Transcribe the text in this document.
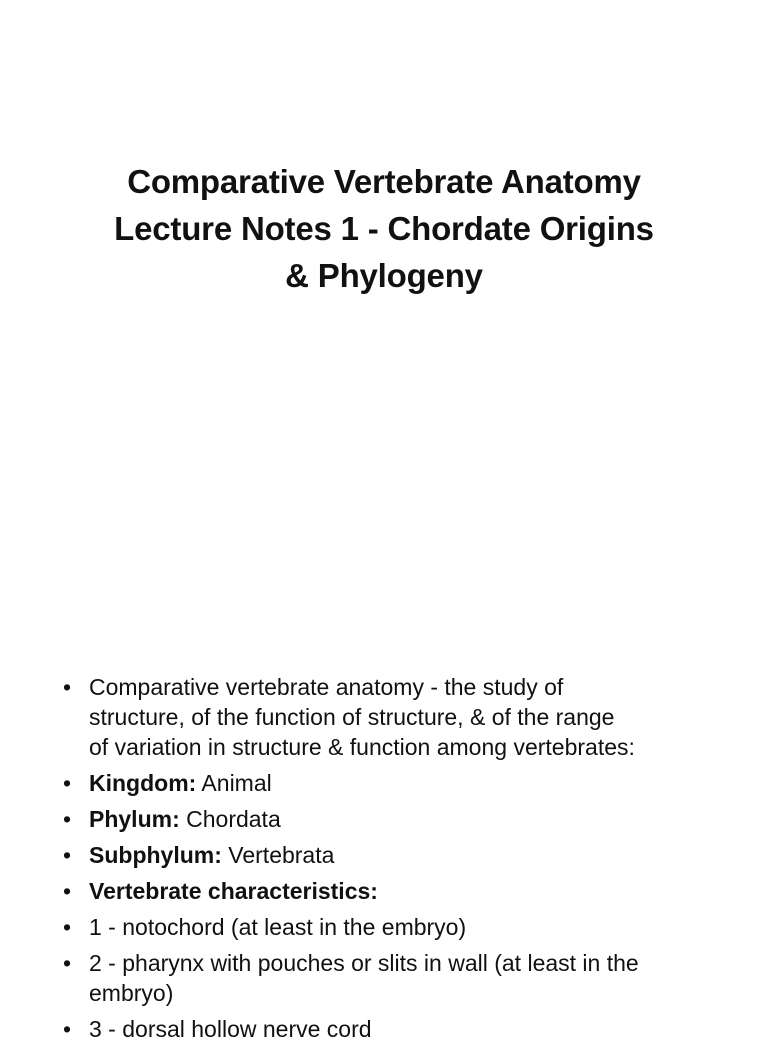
Comparative Vertebrate Anatomy
Lecture Notes 1 - Chordate Origins
& Phylogeny
• Comparative vertebrate anatomy - the study of
structure, of the function of structure, & of the range
of variation in structure & function among vertebrates:
• Kingdom: Animal
• Phylum: Chordata
• Subphylum: Vertebrata
• Vertebrate characteristics:
• 1 - notochord (at least in the embryo)
• 2 - pharynx with pouches or slits in wall (at least in the
embryo)
• 3 - dorsal hollow nerve cord
